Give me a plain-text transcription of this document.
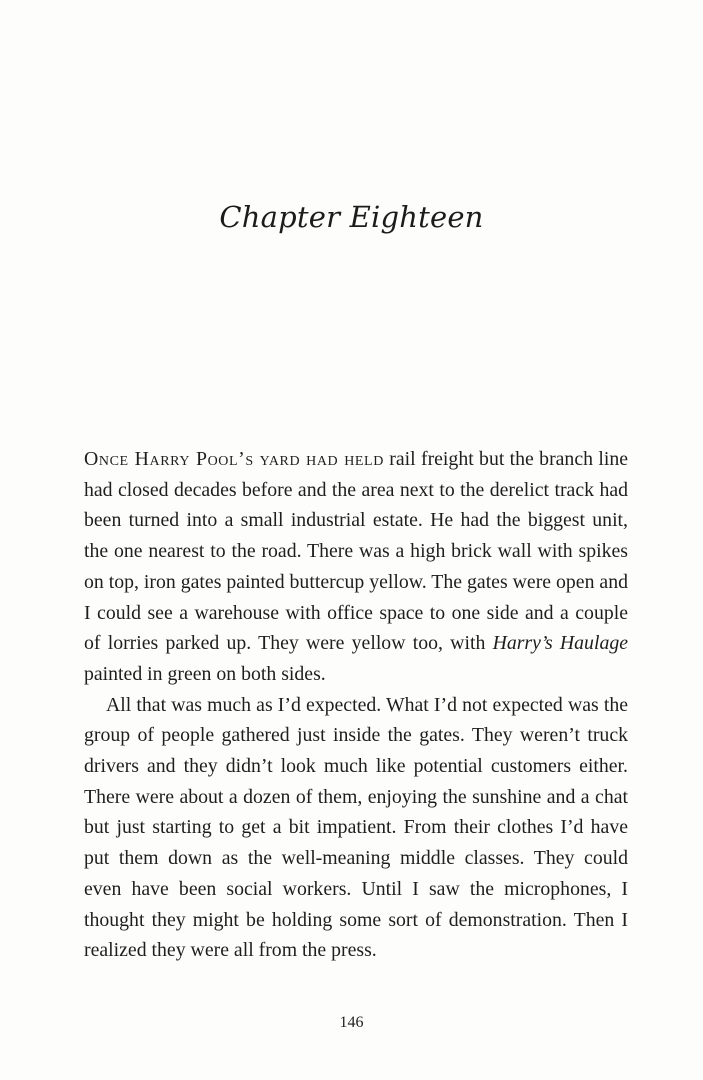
Chapter Eighteen

Once Harry Pool’s yard had held rail freight but the branch line had closed decades before and the area next to the derelict track had been turned into a small industrial estate. He had the biggest unit, the one nearest to the road. There was a high brick wall with spikes on top, iron gates painted buttercup yellow. The gates were open and I could see a warehouse with office space to one side and a couple of lorries parked up. They were yellow too, with Harry’s Haulage painted in green on both sides.

All that was much as I’d expected. What I’d not expected was the group of people gathered just inside the gates. They weren’t truck drivers and they didn’t look much like potential customers either. There were about a dozen of them, enjoying the sunshine and a chat but just starting to get a bit impatient. From their clothes I’d have put them down as the well-meaning middle classes. They could even have been social workers. Until I saw the microphones, I thought they might be holding some sort of demonstration. Then I realized they were all from the press.

146
